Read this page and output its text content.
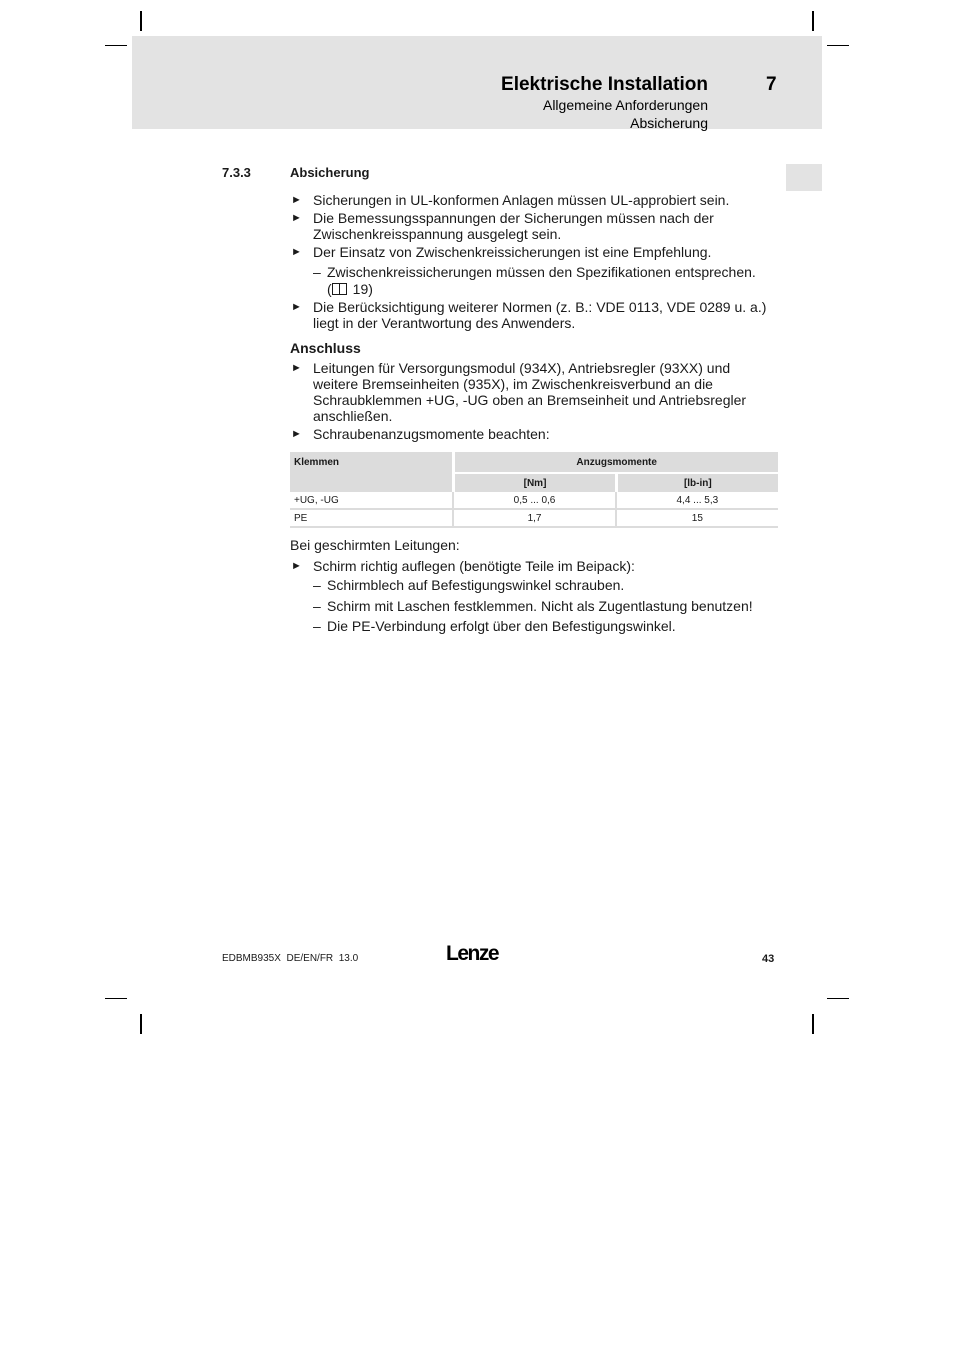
Elektrische Installation	7
Allgemeine Anforderungen
Absicherung
7.3.3	Absicherung
► Sicherungen in UL-konformen Anlagen müssen UL-approbiert sein.
► Die Bemessungsspannungen der Sicherungen müssen nach der
Zwischenkreisspannung ausgelegt sein.
► Der Einsatz von Zwischenkreissicherungen ist eine Empfehlung.
– Zwischenkreissicherungen müssen den Spezifikationen entsprechen.
( 19)
► Die Berücksichtigung weiterer Normen (z. B.: VDE 0113, VDE 0289 u. a.)
liegt in der Verantwortung des Anwenders.
Anschluss
► Leitungen für Versorgungsmodul (934X), Antriebsregler (93XX) und
weitere Bremseinheiten (935X), im Zwischenkreisverbund an die
Schraubklemmen +UG, -UG oben an Bremseinheit und Antriebsregler
anschließen.
► Schraubenanzugsmomente beachten:
Klemmen	Anzugsmomente	
	[Nm]	[lb-in]
+UG, -UG	0,5 ... 0,6	4,4 ... 5,3
PE	1,7	15
Bei geschirmten Leitungen:
► Schirm richtig auflegen (benötigte Teile im Beipack):
– Schirmblech auf Befestigungswinkel schrauben.
– Schirm mit Laschen festklemmen. Nicht als Zugentlastung benutzen!
– Die PE-Verbindung erfolgt über den Befestigungswinkel.
EDBMB935X  DE/EN/FR  13.0	Lenze	43
